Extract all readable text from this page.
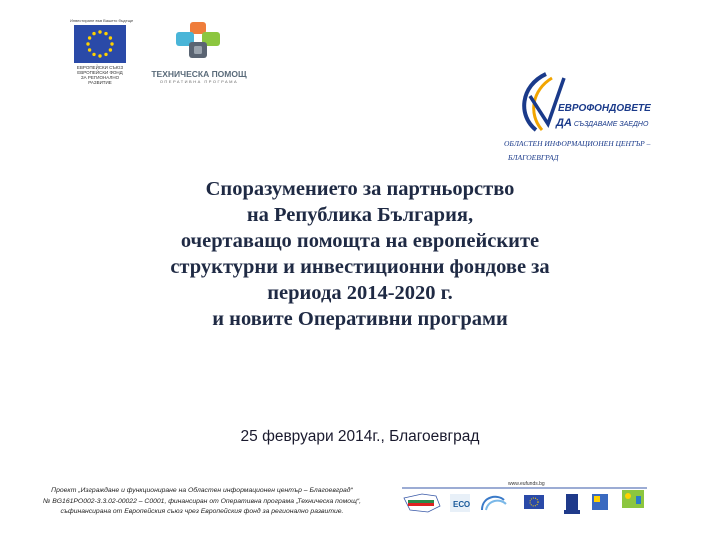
Инвестиране във Вашето бъдеще
ЕВРОПЕЙСКИ СЪЮЗ
ЕВРОПЕЙСКИ ФОНД
ЗА РЕГИОНАЛНО РАЗВИТИЕ
ТЕХНИЧЕСКА ПОМОЩ
ОПЕРАТИВНА ПРОГРАМА
ЕВРОФОНДОВЕТЕ
ДА СЪЗДАВАМЕ ЗАЕДНО
ОБЛАСТЕН ИНФОРМАЦИОНЕН ЦЕНТЪР –
БЛАГОЕВГРАД
Споразумението за партньорство
на Република България,
очертаващо помощта на европейските
структурни и инвестиционни фондове за
периода 2014-2020 г.
и новите Оперативни програми
25 февруари 2014г., Благоевград
Проект „Изграждане и функциониране на Областен информационен център – Благоевград“
№ BG161PO002-3.3.02-00022 – С0001, финансиран от Оперативна програма „Техническа помощ“,
съфинансирана от Европейския съюз чрез Европейския фонд за регионално развитие.
www.eufunds.bg
ЕСО
